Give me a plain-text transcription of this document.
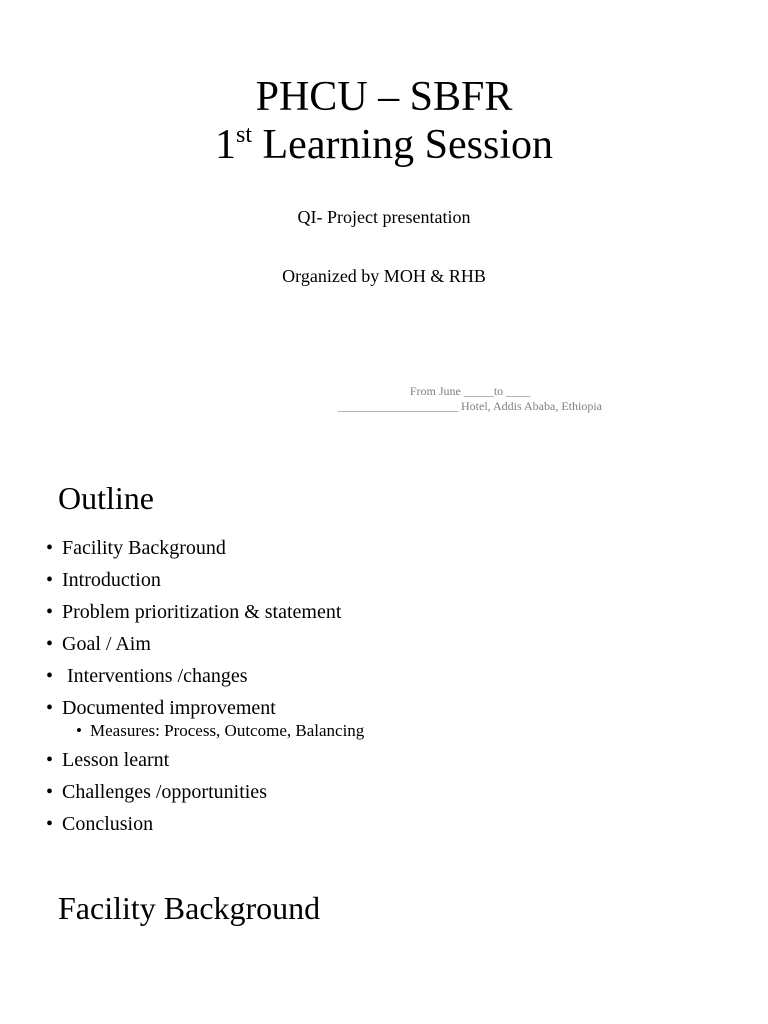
PHCU – SBFR
1st Learning Session
QI- Project presentation
Organized by MOH & RHB
From June _____to ____
____________________ Hotel, Addis Ababa, Ethiopia
Outline
• Facility Background
• Introduction
• Problem prioritization & statement
• Goal / Aim
•  Interventions /changes
• Documented improvement
• Measures: Process, Outcome, Balancing
• Lesson learnt
• Challenges /opportunities
• Conclusion
Facility Background
